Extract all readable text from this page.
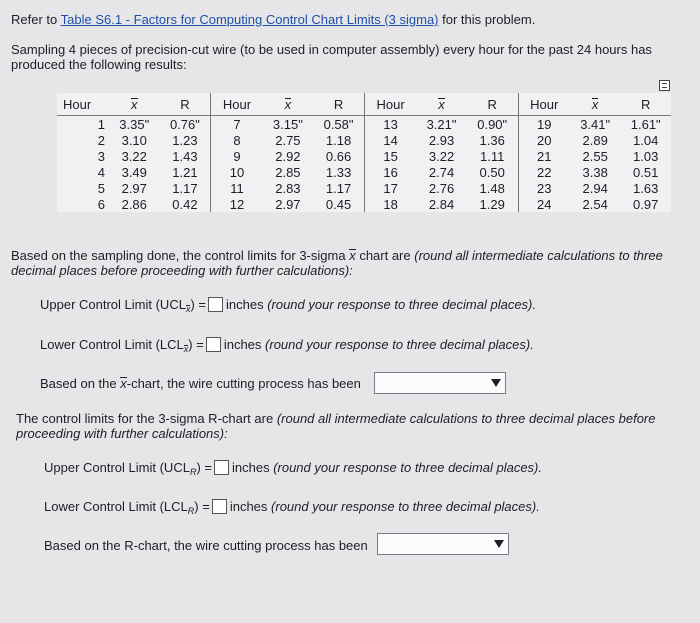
Refer to Table S6.1 - Factors for Computing Control Chart Limits (3 sigma) for this problem.
Sampling 4 pieces of precision-cut wire (to be used in computer assembly) every hour for the past 24 hours has
produced the following results:
Hour	x	R	Hour	x	R	Hour	x	R	Hour	x	R
1	3.35"	0.76"	7	3.15"	0.58"	13	3.21"	0.90"	19	3.41"	1.61"
2	3.10	1.23	8	2.75	1.18	14	2.93	1.36	20	2.89	1.04
3	3.22	1.43	9	2.92	0.66	15	3.22	1.11	21	2.55	1.03
4	3.49	1.21	10	2.85	1.33	16	2.74	0.50	22	3.38	0.51
5	2.97	1.17	11	2.83	1.17	17	2.76	1.48	23	2.94	1.63
6	2.86	0.42	12	2.97	0.45	18	2.84	1.29	24	2.54	0.97
Based on the sampling done, the control limits for 3-sigma x chart are (round all intermediate calculations to three
decimal places before proceeding with further calculations):
Upper Control Limit (UCLx) = inches (round your response to three decimal places).
Lower Control Limit (LCLx) = inches (round your response to three decimal places).
Based on the x-chart, the wire cutting process has been
The control limits for the 3-sigma R-chart are (round all intermediate calculations to three decimal places before
proceeding with further calculations):
Upper Control Limit $(UCL_R)$ = inches (round your response to three decimal places).
Lower Control Limit $(LCL_R)$ = inches (round your response to three decimal places).
Based on the R-chart, the wire cutting process has been
